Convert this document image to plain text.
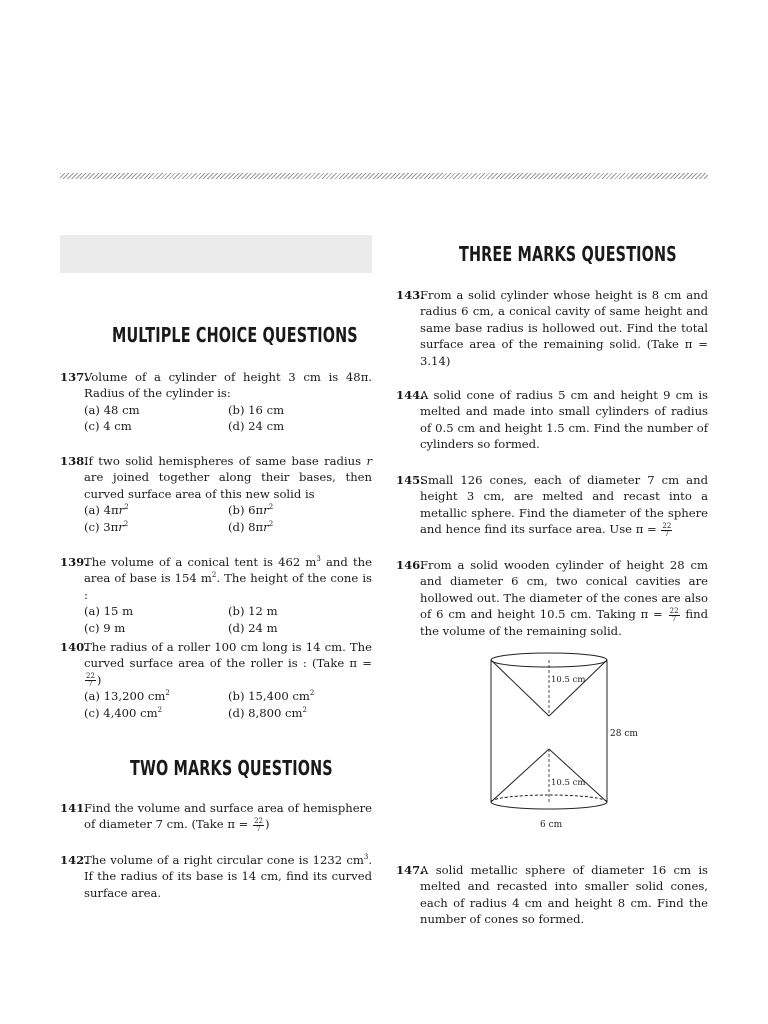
MULTIPLE CHOICE QUESTIONS
137.
Volume of a cylinder of height 3 cm is 48π. Radius of the cylinder is:
(a) 48 cm	(b) 16 cm
(c) 4 cm	(d) 24 cm
138.
If two solid hemispheres of same base radius r are joined together along their bases, then curved surface area of this new solid is
(a) $4\pi r^2$	(b) $6\pi r^2$
(c) $3\pi r^2$	(d) $8\pi r^2$
139.
The volume of a conical tent is 462 $m^3$ and the area of base is 154 $m^2$. The height of the cone is :
(a) 15 m	(b) 12 m
(c) 9 m	(d) 24 m
140.
The radius of a roller 100 cm long is 14 cm. The curved surface area of the roller is : (Take π =
$\frac{22}{7}$ )
(a) 13,200 $cm^2$	(b) 15,400 $cm^2$
(c) 4,400 $cm^2$	(d) 8,800 $cm^2$
TWO MARKS QUESTIONS
141.
Find the volume and surface area of hemisphere of diameter 7 cm. (Take $\pi = \frac{22}{7}$ )
142.
The volume of a right circular cone is 1232 $cm^3$. If the radius of its base is 14 cm, find its curved surface area.
THREE MARKS QUESTIONS
143.
From a solid cylinder whose height is 8 cm and radius 6 cm, a conical cavity of same height and same base radius is hollowed out. Find the total surface area of the remaining solid. (Take π = 3.14)
144.
A solid cone of radius 5 cm and height 9 cm is melted and made into small cylinders of radius of 0.5 cm and height 1.5 cm. Find the number of cylinders so formed.
145.
Small 126 cones, each of diameter 7 cm and height 3 cm, are melted and recast into a metallic sphere. Find the diameter of the sphere and hence find its surface area. Use $\pi = \frac{22}{7}$
146.
From a solid wooden cylinder of height 28 cm and diameter 6 cm, two conical cavities are hollowed out. The diameter of the cones are also of 6 cm and height 10.5 cm. Taking $\pi = \frac{22}{7}$ find the volume of the remaining solid.
10.5 cm
10.5 cm
28 cm
6 cm
147.
A solid metallic sphere of diameter 16 cm is melted and recasted into smaller solid cones, each of radius 4 cm and height 8 cm. Find the number of cones so formed.
